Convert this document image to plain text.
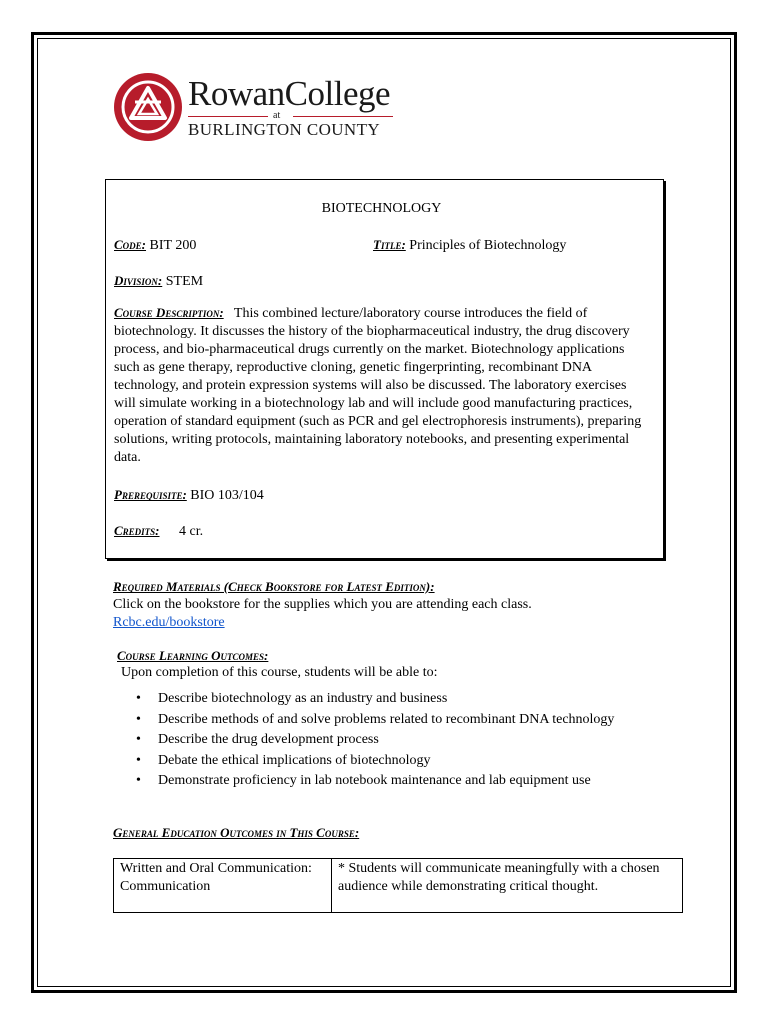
RowanCollege
at
BURLINGTON COUNTY
BIOTECHNOLOGY
Code: BIT 200	Title: Principles of Biotechnology
Division: STEM
Course Description: This combined lecture/laboratory course introduces the field of biotechnology. It discusses the history of the biopharmaceutical industry, the drug discovery process, and bio-pharmaceutical drugs currently on the market. Biotechnology applications such as gene therapy, reproductive cloning, genetic fingerprinting, recombinant DNA technology, and protein expression systems will also be discussed. The laboratory exercises will simulate working in a biotechnology lab and will include good manufacturing practices, operation of standard equipment (such as PCR and gel electrophoresis instruments), preparing solutions, writing protocols, maintaining laboratory notebooks, and presenting experimental data.
Prerequisite: BIO 103/104
Credits: 4 cr.
Required Materials (Check Bookstore for Latest Edition):
Click on the bookstore for the supplies which you are attending each class.
Rcbc.edu/bookstore
Course Learning Outcomes:
Upon completion of this course, students will be able to:
• Describe biotechnology as an industry and business
• Describe methods of and solve problems related to recombinant DNA technology
• Describe the drug development process
• Debate the ethical implications of biotechnology
• Demonstrate proficiency in lab notebook maintenance and lab equipment use
General Education Outcomes in This Course:
Written and Oral Communication: Communication	* Students will communicate meaningfully with a chosen audience while demonstrating critical thought.
